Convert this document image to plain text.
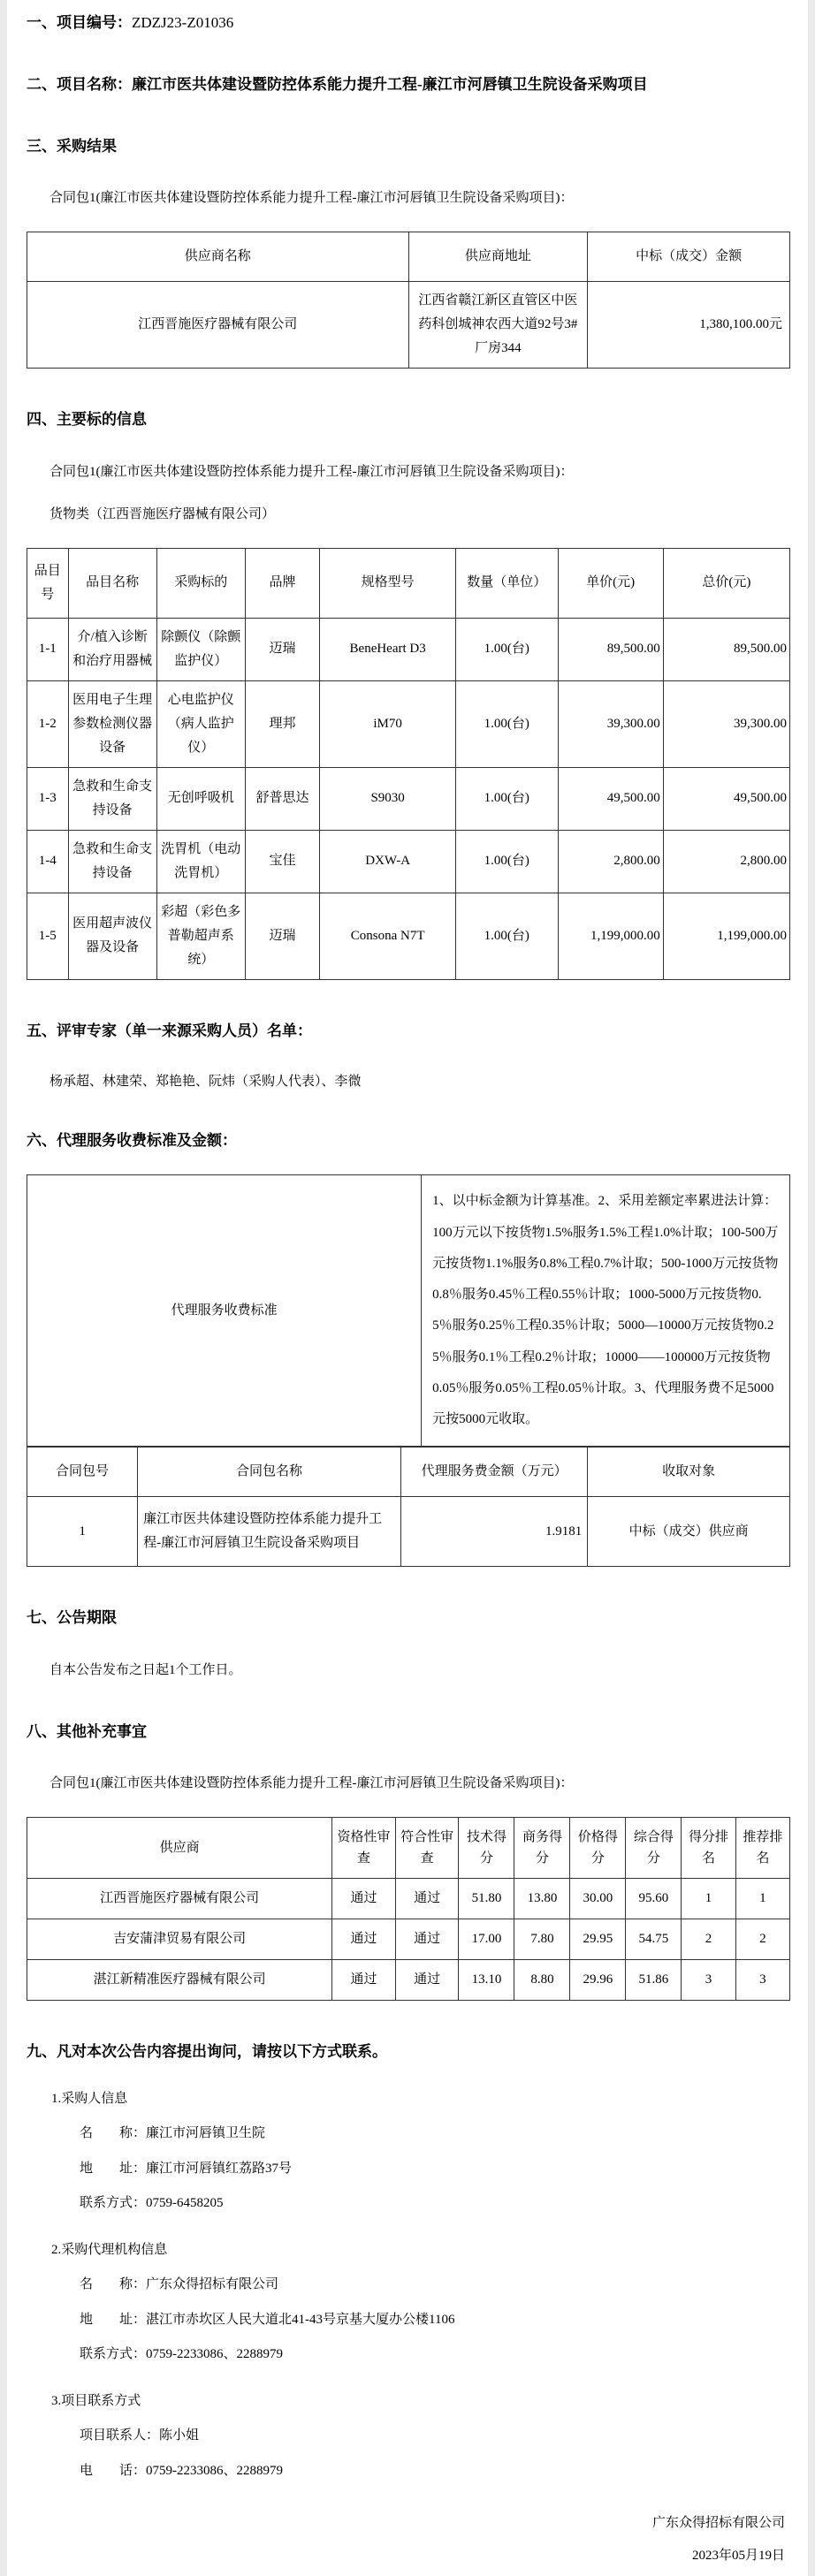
一、项目编号：ZDZJ23-Z01036
二、项目名称：廉江市医共体建设暨防控体系能力提升工程-廉江市河唇镇卫生院设备采购项目
三、采购结果
合同包1(廉江市医共体建设暨防控体系能力提升工程-廉江市河唇镇卫生院设备采购项目)：
供应商名称	供应商地址	中标（成交）金额
江西晋施医疗器械有限公司	江西省赣江新区直管区中医药科创城神农西大道92号3#厂房344	1,380,100.00元
四、主要标的信息
合同包1(廉江市医共体建设暨防控体系能力提升工程-廉江市河唇镇卫生院设备采购项目)：
货物类（江西晋施医疗器械有限公司）
品目号	品目名称	采购标的	品牌	规格型号	数量（单位）	单价(元)	总价(元)
1-1	介/植入诊断和治疗用器械	除颤仪（除颤监护仪）	迈瑞	BeneHeart D3	1.00(台)	89,500.00	89,500.00
1-2	医用电子生理参数检测仪器设备	心电监护仪（病人监护仪）	理邦	iM70	1.00(台)	39,300.00	39,300.00
1-3	急救和生命支持设备	无创呼吸机	舒普思达	S9030	1.00(台)	49,500.00	49,500.00
1-4	急救和生命支持设备	洗胃机（电动洗胃机）	宝佳	DXW-A	1.00(台)	2,800.00	2,800.00
1-5	医用超声波仪器及设备	彩超（彩色多普勒超声系统）	迈瑞	Consona N7T	1.00(台)	1,199,000.00	1,199,000.00
五、评审专家（单一来源采购人员）名单：
杨承超、林建荣、郑艳艳、阮炜（采购人代表）、李微
六、代理服务收费标准及金额：
代理服务收费标准	1、以中标金额为计算基准。2、采用差额定率累进法计算：100万元以下按货物1.5%服务1.5%工程1.0%计取；100-500万元按货物1.1%服务0.8%工程0.7%计取；500-1000万元按货物0.8％服务0.45％工程0.55％计取；1000-5000万元按货物0.5％服务0.25％工程0.35％计取；5000—10000万元按货物0.25％服务0.1％工程0.2％计取；10000——100000万元按货物0.05％服务0.05％工程0.05％计取。3、代理服务费不足5000元按5000元收取。
合同包号	合同包名称	代理服务费金额（万元）	收取对象
1	廉江市医共体建设暨防控体系能力提升工程-廉江市河唇镇卫生院设备采购项目	1.9181	中标（成交）供应商
七、公告期限
自本公告发布之日起1个工作日。
八、其他补充事宜
合同包1(廉江市医共体建设暨防控体系能力提升工程-廉江市河唇镇卫生院设备采购项目)：
供应商	资格性审查	符合性审查	技术得分	商务得分	价格得分	综合得分	得分排名	推荐排名
江西晋施医疗器械有限公司	通过	通过	51.80	13.80	30.00	95.60	1	1
吉安蒲津贸易有限公司	通过	通过	17.00	7.80	29.95	54.75	2	2
湛江新精准医疗器械有限公司	通过	通过	13.10	8.80	29.96	51.86	3	3
九、凡对本次公告内容提出询问，请按以下方式联系。
1.采购人信息
名　　称：廉江市河唇镇卫生院
地　　址：廉江市河唇镇红荔路37号
联系方式：0759-6458205
2.采购代理机构信息
名　　称：广东众得招标有限公司
地　　址：湛江市赤坎区人民大道北41-43号京基大厦办公楼1106
联系方式：0759-2233086、2288979
3.项目联系方式
项目联系人：陈小姐
电　　话：0759-2233086、2288979
广东众得招标有限公司
2023年05月19日
